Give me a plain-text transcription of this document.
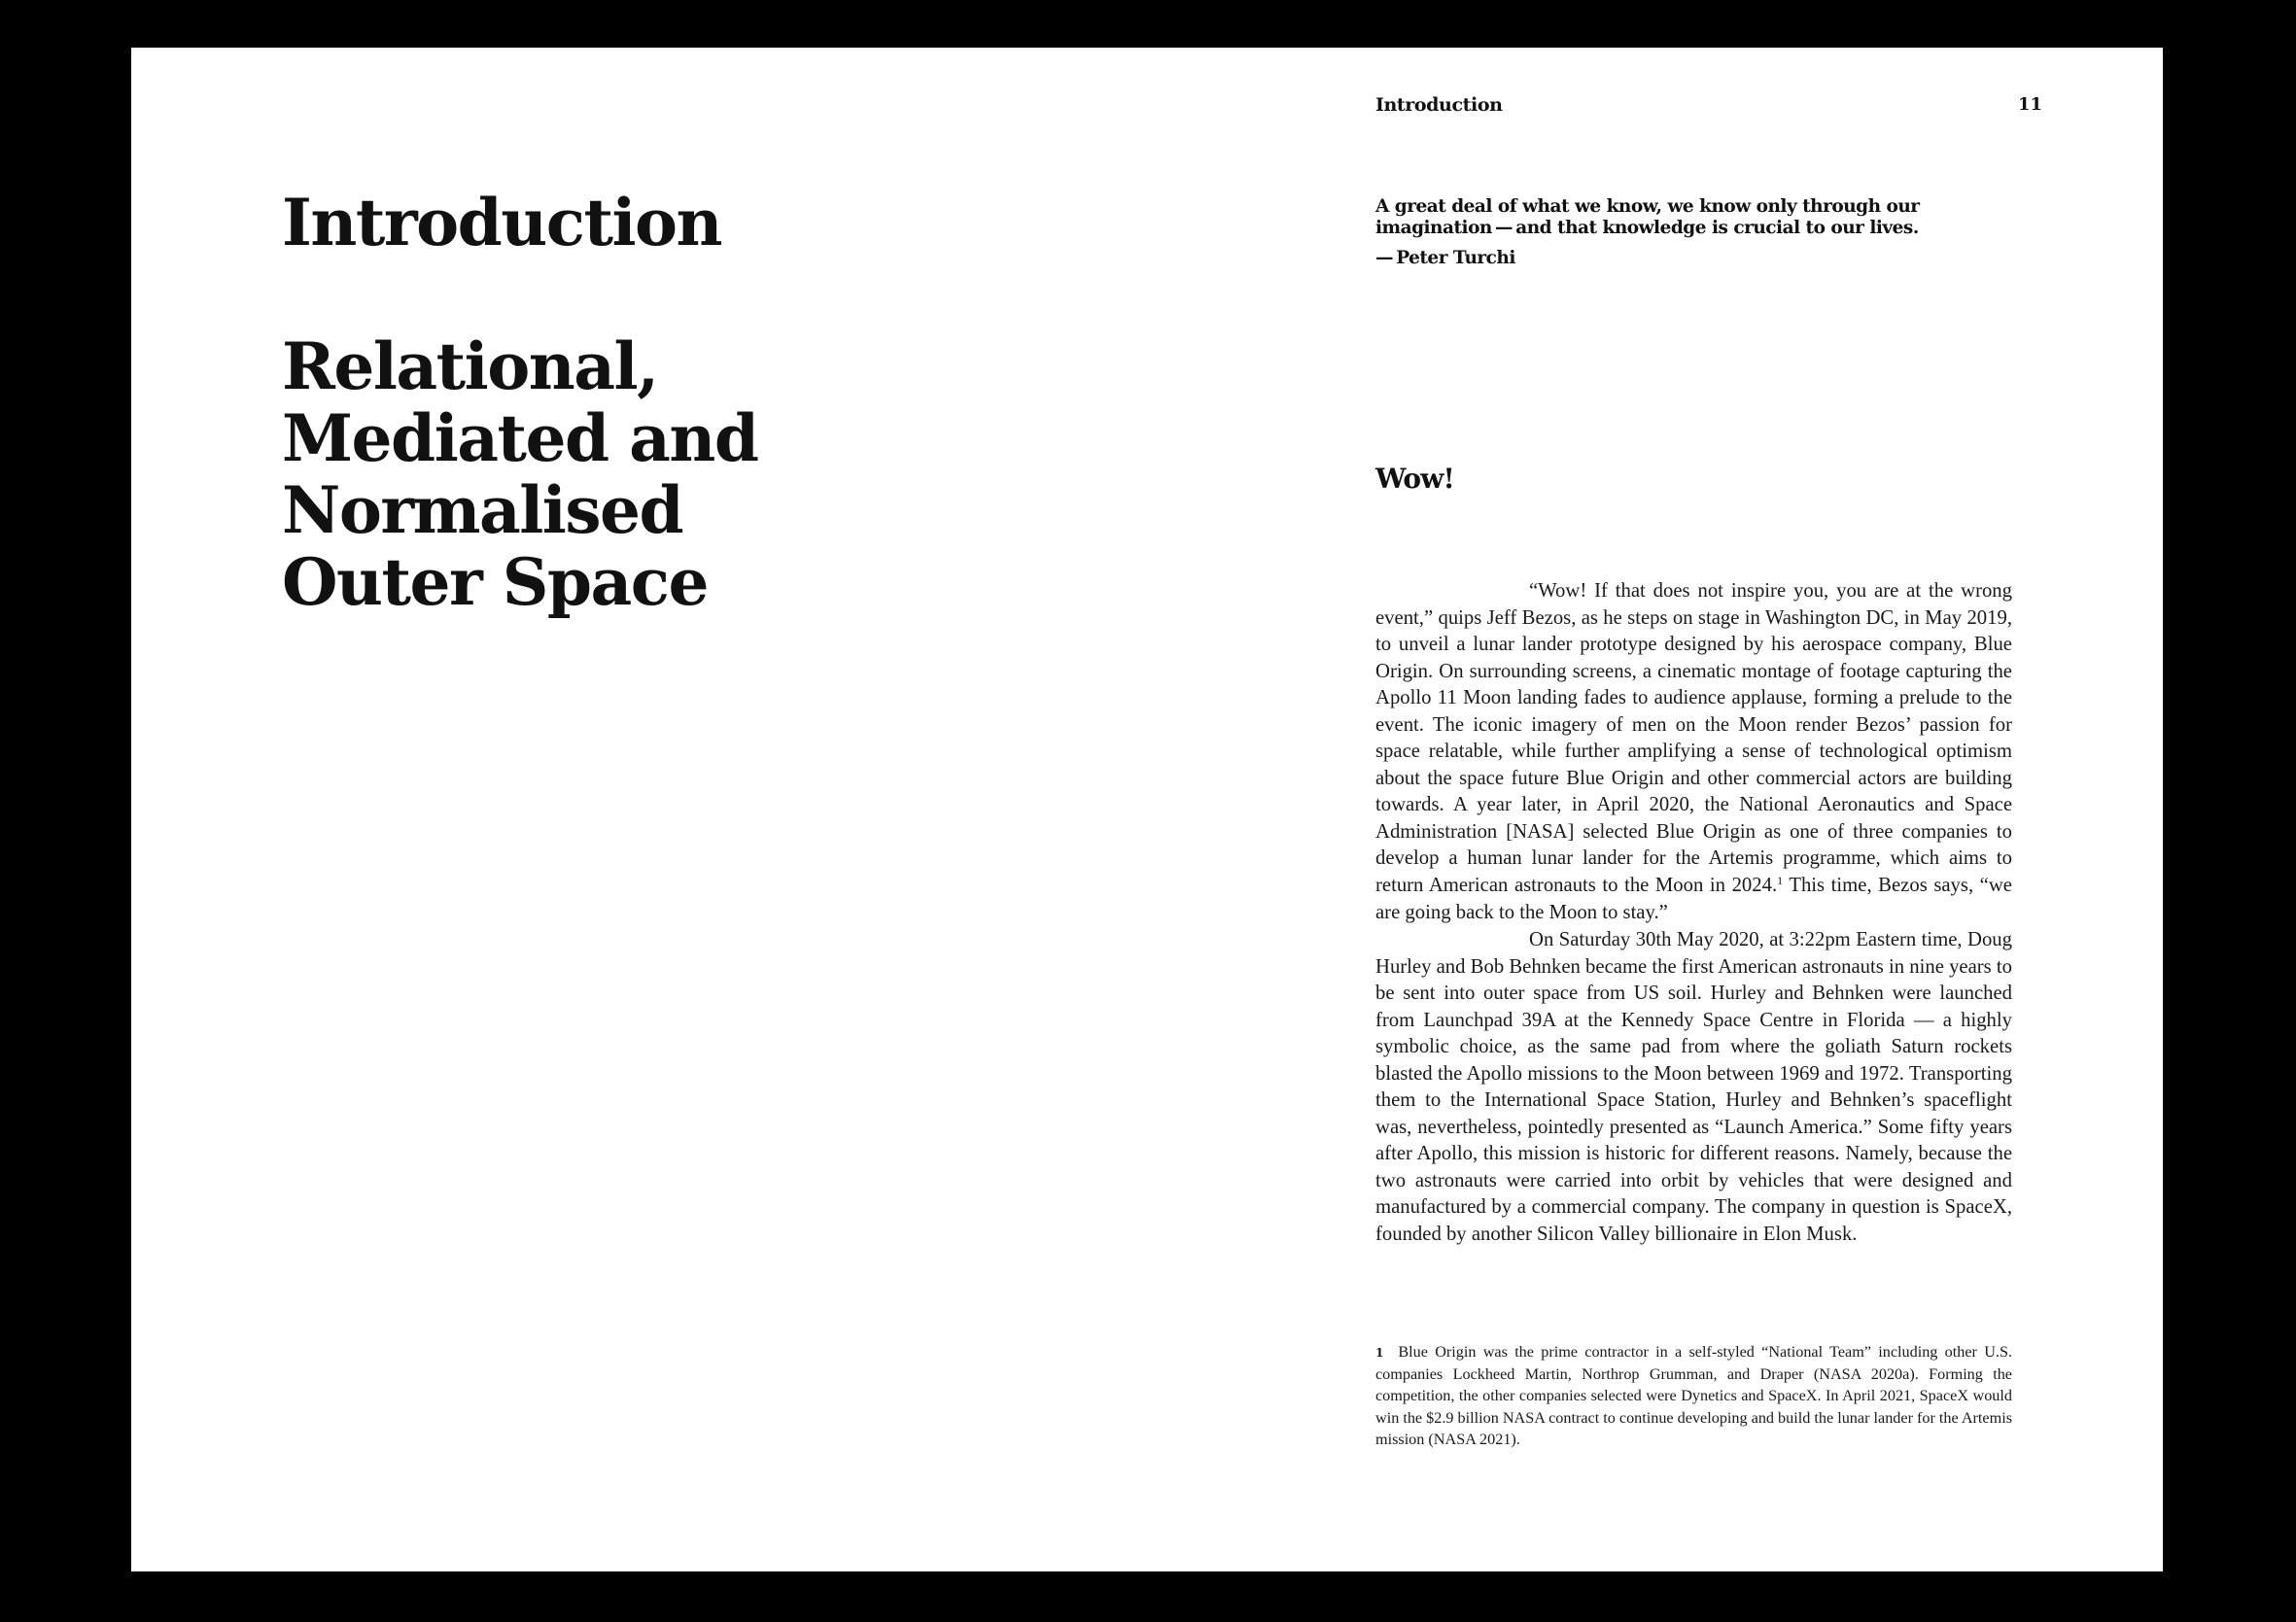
Introduction
Relational,
Mediated and
Normalised
Outer Space
Introduction	11
A great deal of what we know, we know only through our
imagination — and that knowledge is crucial to our lives.
— Peter Turchi
Wow!

“Wow! If that does not inspire you, you are at the wrong event,” quips Jeff Bezos, as he steps on stage in Washington DC, in May 2019, to unveil a lunar lander prototype designed by his aerospace company, Blue Origin. On surrounding screens, a cinematic montage of footage capturing the Apollo 11 Moon landing fades to audience applause, forming a prelude to the event. The iconic imagery of men on the Moon render Bezos’ passion for space relatable, while further amplifying a sense of technological optimism about the space future Blue Origin and other commercial actors are building towards. A year later, in April 2020, the National Aeronautics and Space Administration [NASA] selected Blue Origin as one of three companies to develop a human lunar lander for the Artemis programme, which aims to return American astronauts to the Moon in 2024.$^1$ This time, Bezos says, “we are going back to the Moon to stay.”

On Saturday 30th May 2020, at 3:22pm Eastern time, Doug Hurley and Bob Behnken became the first American astronauts in nine years to be sent into outer space from US soil. Hurley and Behnken were launched from Launchpad 39A at the Kennedy Space Centre in Florida — a highly symbolic choice, as the same pad from where the goliath Saturn rockets blasted the Apollo missions to the Moon between 1969 and 1972. Transporting them to the International Space Station, Hurley and Behnken’s spaceflight was, nevertheless, pointedly presented as “Launch America.” Some fifty years after Apollo, this mission is historic for different reasons. Namely, because the two astronauts were carried into orbit by vehicles that were designed and manufactured by a commercial company. The company in question is SpaceX, founded by another Silicon Valley billionaire in Elon Musk.

1 Blue Origin was the prime contractor in a self-styled “National Team” including other U.S. companies Lockheed Martin, Northrop Grumman, and Draper (NASA 2020a). Forming the competition, the other companies selected were Dynetics and SpaceX. In April 2021, SpaceX would win the $2.9 billion NASA contract to continue developing and build the lunar lander for the Artemis mission (NASA 2021).
